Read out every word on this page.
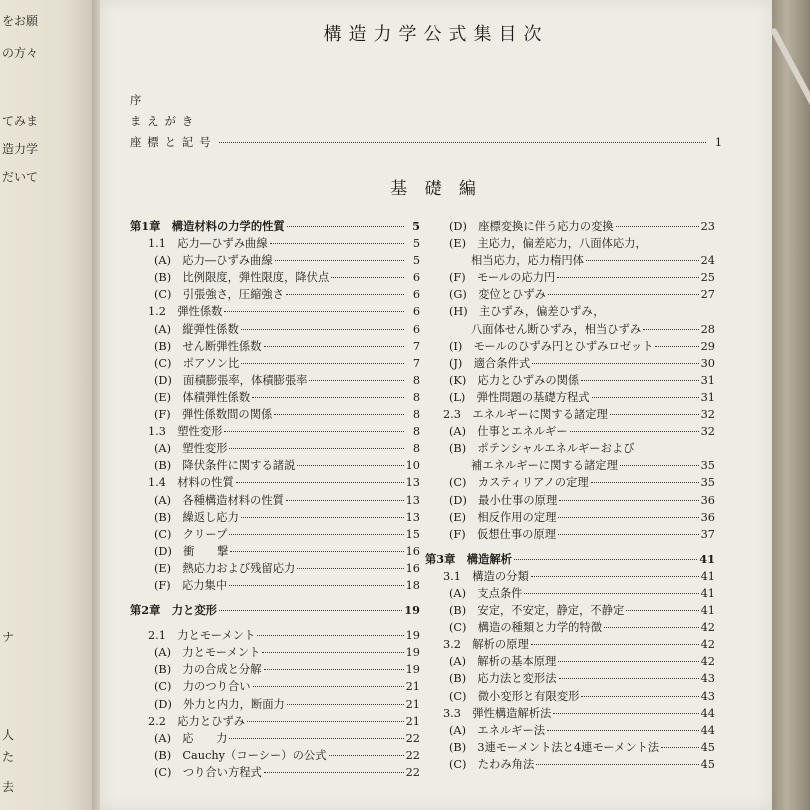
をお願
の方々
てみま
造力学
だいて
ナ
人
た
去
構造力学公式集目次
序
まえがき
座標と記号	1
基 礎 編
第1章　構造材料の力学的性質	5
1.1　応力―ひずみ曲線	5
(A)　応力―ひずみ曲線	5
(B)　比例限度，弾性限度，降伏点	6
(C)　引張強さ，圧縮強さ	6
1.2　弾性係数	6
(A)　縦弾性係数	6
(B)　せん断弾性係数	7
(C)　ポアソン比	7
(D)　面積膨張率，体積膨張率	8
(E)　体積弾性係数	8
(F)　弾性係数間の関係	8
1.3　塑性変形	8
(A)　塑性変形	8
(B)　降伏条件に関する諸説	10
1.4　材料の性質	13
(A)　各種構造材料の性質	13
(B)　繰返し応力	13
(C)　クリープ	15
(D)　衝　　撃	16
(E)　熱応力および残留応力	16
(F)　応力集中	18
第2章　力と変形	19
2.1　力とモーメント	19
(A)　力とモーメント	19
(B)　力の合成と分解	19
(C)　力のつり合い	21
(D)　外力と内力，断面力	21
2.2　応力とひずみ	21
(A)　応　　力	22
(B)　Cauchy（コーシー）の公式	22
(C)　つり合い方程式	22
(D)　座標変換に伴う応力の変換	23
(E)　主応力，偏差応力，八面体応力，
相当応力，応力楕円体	24
(F)　モールの応力円	25
(G)　変位とひずみ	27
(H)　主ひずみ，偏差ひずみ，
八面体せん断ひずみ，相当ひずみ	28
(I)　モールのひずみ円とひずみロゼット	29
(J)　適合条件式	30
(K)　応力とひずみの関係	31
(L)　弾性問題の基礎方程式	31
2.3　エネルギーに関する諸定理	32
(A)　仕事とエネルギー	32
(B)　ポテンシャルエネルギーおよび
補エネルギーに関する諸定理	35
(C)　カスティリアノの定理	35
(D)　最小仕事の原理	36
(E)　相反作用の定理	36
(F)　仮想仕事の原理	37
第3章　構造解析	41
3.1　構造の分類	41
(A)　支点条件	41
(B)　安定，不安定，静定，不静定	41
(C)　構造の種類と力学的特徴	42
3.2　解析の原理	42
(A)　解析の基本原理	42
(B)　応力法と変形法	43
(C)　微小変形と有限変形	43
3.3　弾性構造解析法	44
(A)　エネルギー法	44
(B)　3連モーメント法と4連モーメント法	45
(C)　たわみ角法	45
